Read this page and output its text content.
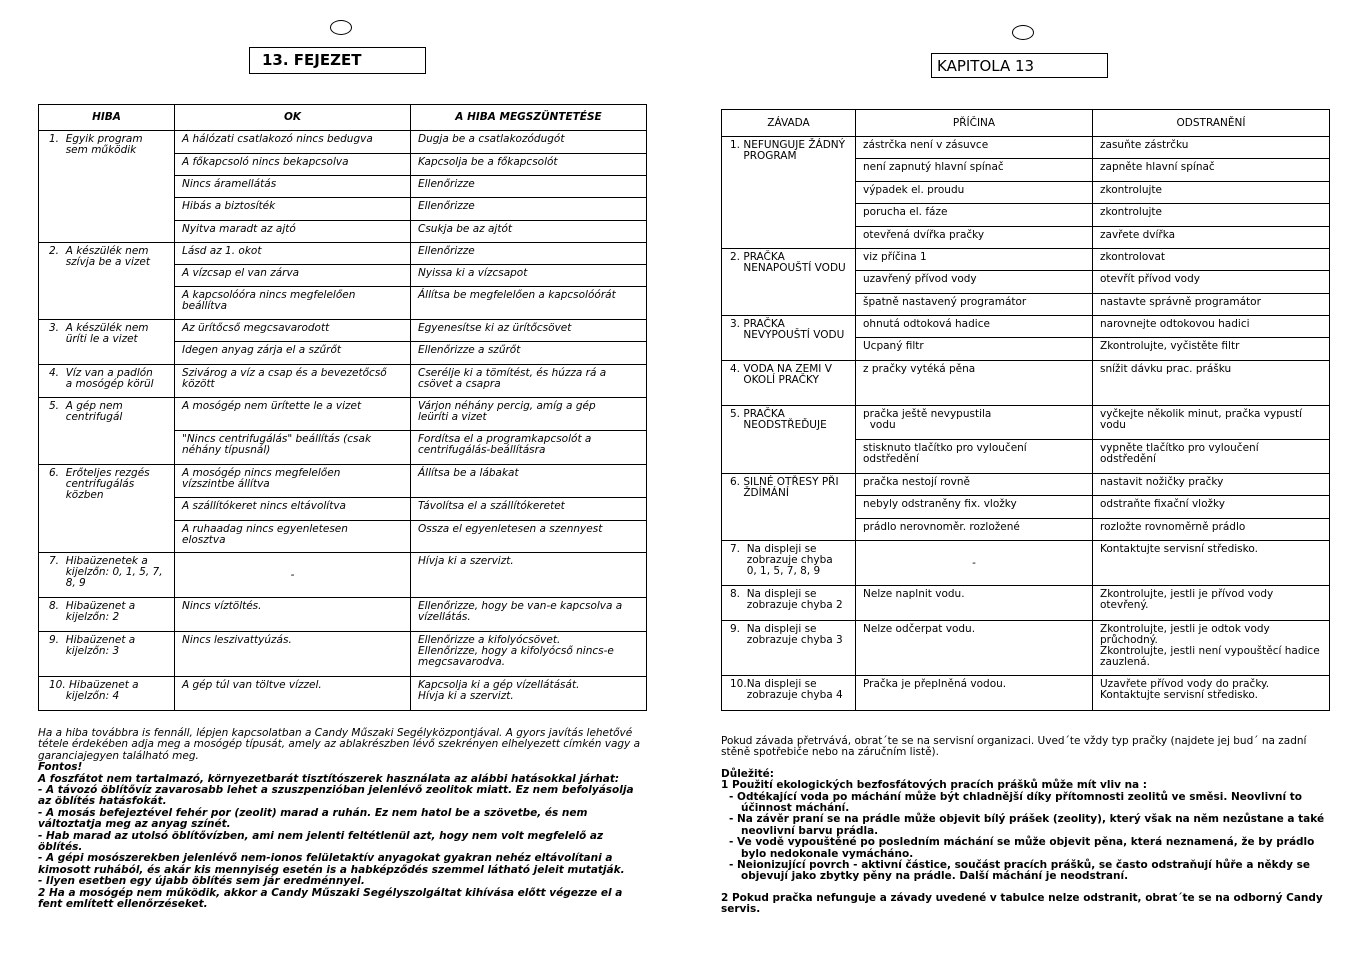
13. FEJEZET
HIBA	OK	A HIBA MEGSZÜNTETÉSE
1.  Egyik program
sem működik	A hálózati csatlakozó nincs bedugva	Dugja be a csatlakozódugót
	A főkapcsoló nincs bekapcsolva	Kapcsolja be a főkapcsolót
	Nincs áramellátás	Ellenőrizze
	Hibás a biztosíték	Ellenőrizze
	Nyitva maradt az ajtó	Csukja be az ajtót
2.  A készülék nem
szívja be a vizet	Lásd az 1. okot	Ellenőrizze
	A vízcsap el van zárva	Nyissa ki a vízcsapot
	A kapcsolóóra nincs megfelelően
beállítva	Állítsa be megfelelően a kapcsolóórát
3.  A készülék nem
üríti le a vizet	Az ürítőcső megcsavarodott	Egyenesítse ki az ürítőcsövet
	Idegen anyag zárja el a szűrőt	Ellenőrizze a szűrőt
4.  Víz van a padlón
a mosógép körül	Szivárog a víz a csap és a bevezetőcső
között	Cserélje ki a tömítést, és húzza rá a
csövet a csapra
5.  A gép nem
centrifugál	A mosógép nem ürítette le a vizet	Várjon néhány percig, amíg a gép
leüríti a vizet
	"Nincs centrifugálás" beállítás (csak
néhány típusnál)	Fordítsa el a programkapcsolót a
centrifugálás-beállításra
6.  Erőteljes rezgés
centrifugálás
közben	A mosógép nincs megfelelően
vízszintbe állítva	Állítsa be a lábakat
	A szállítókeret nincs eltávolítva	Távolítsa el a szállítókeretet
	A ruhaadag nincs egyenletesen
elosztva	Ossza el egyenletesen a szennyest
7.  Hibaüzenetek a
kijelzőn: 0, 1, 5, 7,
8, 9	-	Hívja ki a szervizt.
8.  Hibaüzenet a
kijelzőn: 2	Nincs víztöltés.	Ellenőrizze, hogy be van-e kapcsolva a
vízellátás.
9.  Hibaüzenet a
kijelzőn: 3	Nincs leszivattyúzás.	Ellenőrizze a kifolyócsövet.
Ellenőrizze, hogy a kifolyócső nincs-e
megcsavarodva.
10. Hibaüzenet a
kijelzőn: 4	A gép túl van töltve vízzel.	Kapcsolja ki a gép vízellátását.
Hívja ki a szervizt.

Ha a hiba továbbra is fennáll, lépjen kapcsolatban a Candy Műszaki Segélyközpontjával. A gyors javítás lehetővé tétele érdekében adja meg a mosógép típusát, amely az ablakrészben lévő szekrényen elhelyezett címkén vagy a garanciajegyen található meg.

Fontos!

A foszfátot nem tartalmazó, környezetbarát tisztítószerek használata az alábbi hatásokkal járhat:

- A távozó öblítővíz zavarosabb lehet a szuszpenzióban jelenlévő zeolitok miatt. Ez nem befolyásolja az öblítés hatásfokát.

- A mosás befejeztével fehér por (zeolit) marad a ruhán. Ez nem hatol be a szövetbe, és nem változtatja meg az anyag színét.

- Hab marad az utolsó öblítővízben, ami nem jelenti feltétlenül azt, hogy nem volt megfelelő az öblítés.

- A gépi mosószerekben jelenlévő nem-ionos felületaktív anyagokat gyakran nehéz eltávolítani a kimosott ruhából, és akár kis mennyiség esetén is a habképződés szemmel látható jeleit mutatják.

- Ilyen esetben egy újabb öblítés sem jár eredménnyel.

2 Ha a mosógép nem működik, akkor a Candy Műszaki Segélyszolgáltat kihívása előtt végezze el a fent említett ellenőrzéseket.

KAPITOLA 13
ZÁVADA	PŘÍČINA	ODSTRANĚNÍ
1. NEFUNGUJE ŽÁDNÝ
PROGRAM	zástrčka není v zásuvce	zasuňte zástrčku
	není zapnutý hlavní spínač	zapněte hlavní spínač
	výpadek el. proudu	zkontrolujte
	porucha el. fáze	zkontrolujte
	otevřená dvířka pračky	zavřete dvířka
2. PRAČKA
NENAPOUŠTÍ VODU	viz příčina 1	zkontrolovat
	uzavřený přívod vody	otevřít přívod vody
	špatně nastavený programátor	nastavte správně programátor
3. PRAČKA
NEVYPOUŠTÍ VODU	ohnutá odtoková hadice	narovnejte odtokovou hadici
	Ucpaný filtr	Zkontrolujte, vyčistěte filtr
4. VODA NA ZEMI V
OKOLÍ PRAČKY	z pračky vytéká pěna	snížit dávku prac. prášku
5. PRAČKA
NEODSTŘEĎUJE	pračka ještě nevypustila
vodu	vyčkejte několik minut, pračka vypustí
vodu
	stisknuto tlačítko pro vyloučení
odstředění	vypněte tlačítko pro vyloučení
odstředění
6. SILNÉ OTŘESY PŘI
ŽDÍMÁNÍ	pračka nestojí rovně	nastavit nožičky pračky
	nebyly odstraněny fix. vložky	odstraňte fixační vložky
	prádlo nerovnoměr. rozložené	rozložte rovnoměrně prádlo
7.  Na displeji se
zobrazuje chyba
0, 1, 5, 7, 8, 9	-	Kontaktujte servisní středisko.
8.  Na displeji se
zobrazuje chyba 2	Nelze naplnit vodu.	Zkontrolujte, jestli je přívod vody
otevřený.
9.  Na displeji se
zobrazuje chyba 3	Nelze odčerpat vodu.	Zkontrolujte, jestli je odtok vody
průchodný.
Zkontrolujte, jestli není vypouštěcí hadice
zauzlená.
10.Na displeji se
zobrazuje chyba 4	Pračka je přeplněná vodou.	Uzavřete přívod vody do pračky.
Kontaktujte servisní středisko.

Pokud závada přetrvává, obrat´te se na servisní organizaci. Uved´te vždy typ pračky (najdete jej bud´ na zadní stěně spotřebiče nebo na záručním listě).

Důležité:

1 Použití ekologických bezfosfátových pracích prášků může mít vliv na :

- Odtékající voda po máchání může být chladnější díky přítomnosti zeolitů ve směsi. Neovlivní to účinnost máchání.

- Na závěr praní se na prádle může objevit bílý prášek (zeolity), který však na něm nezůstane a také neovlivní barvu prádla.

- Ve vodě vypouštěné po posledním máchání se může objevit pěna, která neznamená, že by prádlo bylo nedokonale vymácháno.

- Neionizující povrch - aktivní částice, součást pracích prášků, se často odstraňují hůře a někdy se objevují jako zbytky pěny na prádle. Další máchání je neodstraní.

2 Pokud pračka nefunguje a závady uvedené v tabulce nelze odstranit, obrat´te se na odborný Candy servis.
